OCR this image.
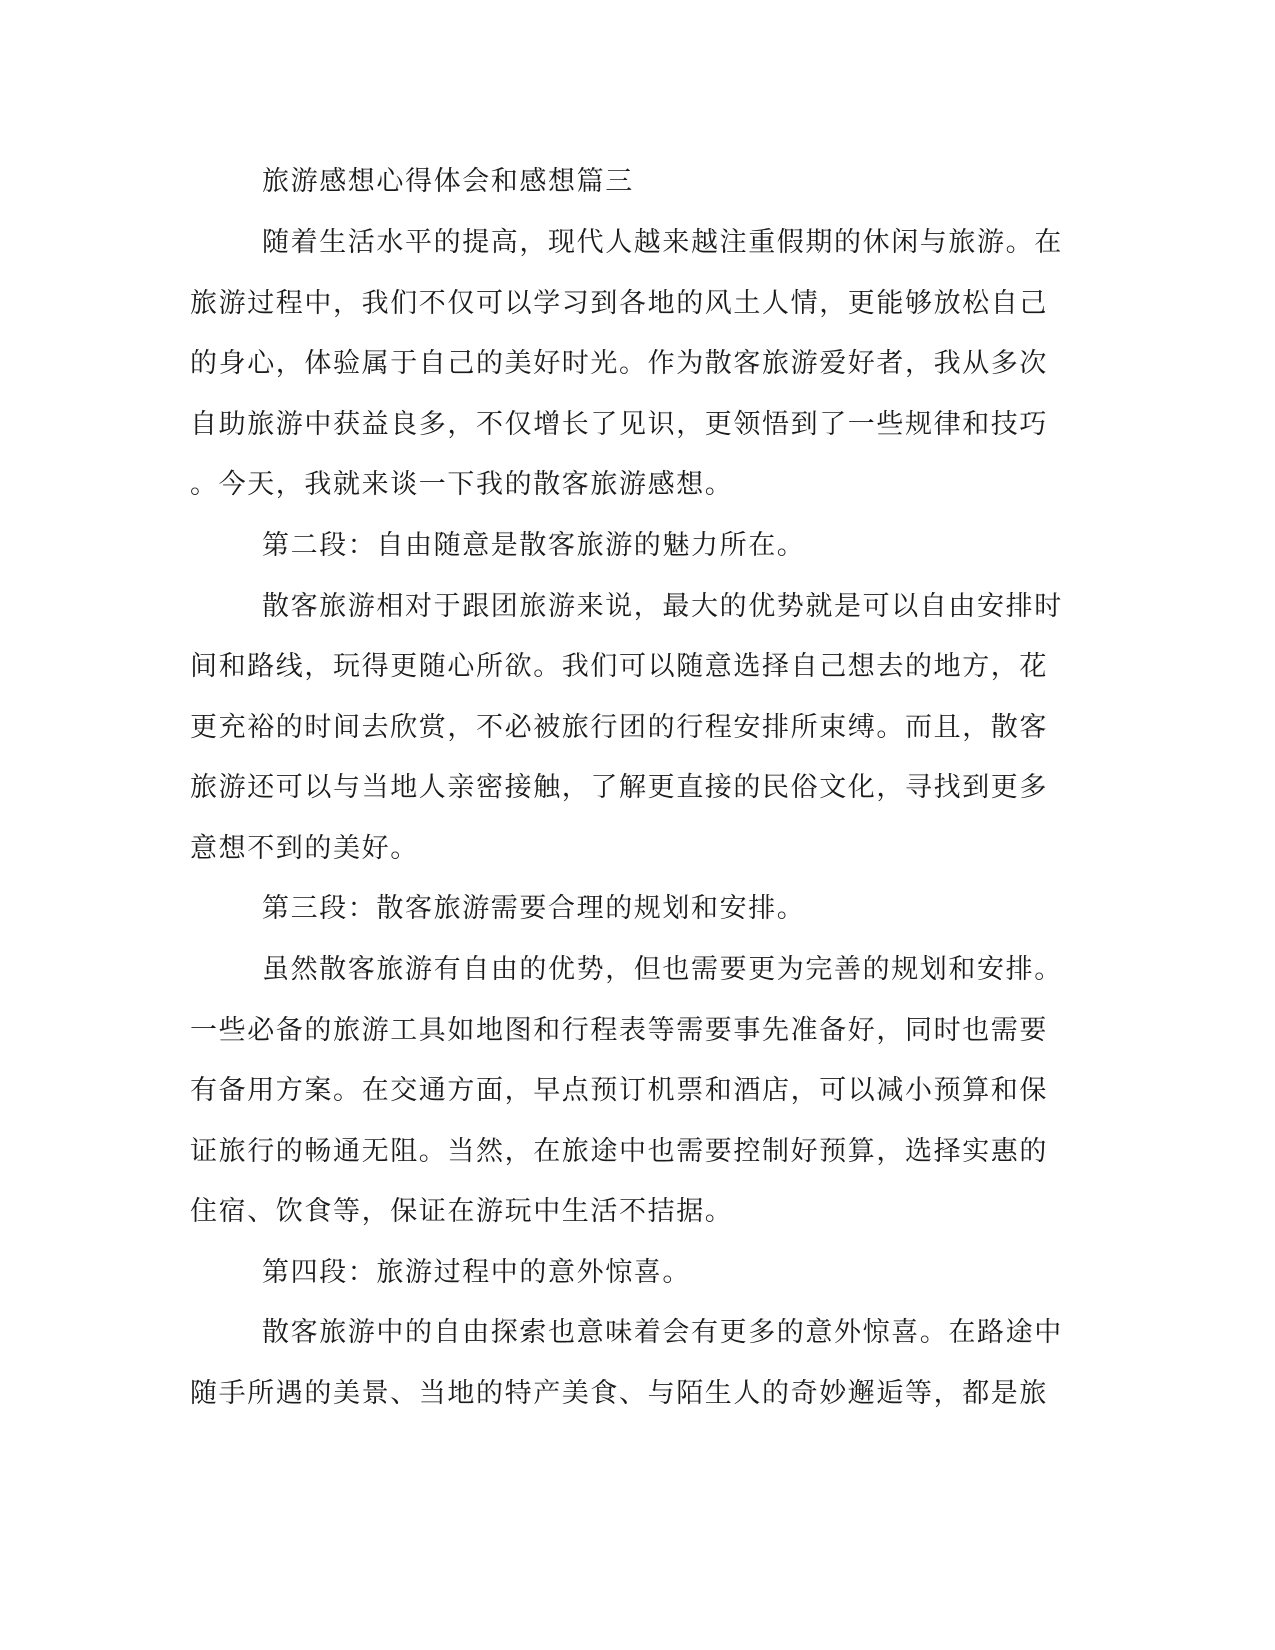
旅游感想心得体会和感想篇三
随着生活水平的提高，现代人越来越注重假期的休闲与旅游。在
旅游过程中，我们不仅可以学习到各地的风土人情，更能够放松自己
的身心，体验属于自己的美好时光。作为散客旅游爱好者，我从多次
自助旅游中获益良多，不仅增长了见识，更领悟到了一些规律和技巧
。今天，我就来谈一下我的散客旅游感想。
第二段：自由随意是散客旅游的魅力所在。
散客旅游相对于跟团旅游来说，最大的优势就是可以自由安排时
间和路线，玩得更随心所欲。我们可以随意选择自己想去的地方，花
更充裕的时间去欣赏，不必被旅行团的行程安排所束缚。而且，散客
旅游还可以与当地人亲密接触，了解更直接的民俗文化，寻找到更多
意想不到的美好。
第三段：散客旅游需要合理的规划和安排。
虽然散客旅游有自由的优势，但也需要更为完善的规划和安排。
一些必备的旅游工具如地图和行程表等需要事先准备好，同时也需要
有备用方案。在交通方面，早点预订机票和酒店，可以减小预算和保
证旅行的畅通无阻。当然，在旅途中也需要控制好预算，选择实惠的
住宿、饮食等，保证在游玩中生活不拮据。
第四段：旅游过程中的意外惊喜。
散客旅游中的自由探索也意味着会有更多的意外惊喜。在路途中
随手所遇的美景、当地的特产美食、与陌生人的奇妙邂逅等，都是旅
